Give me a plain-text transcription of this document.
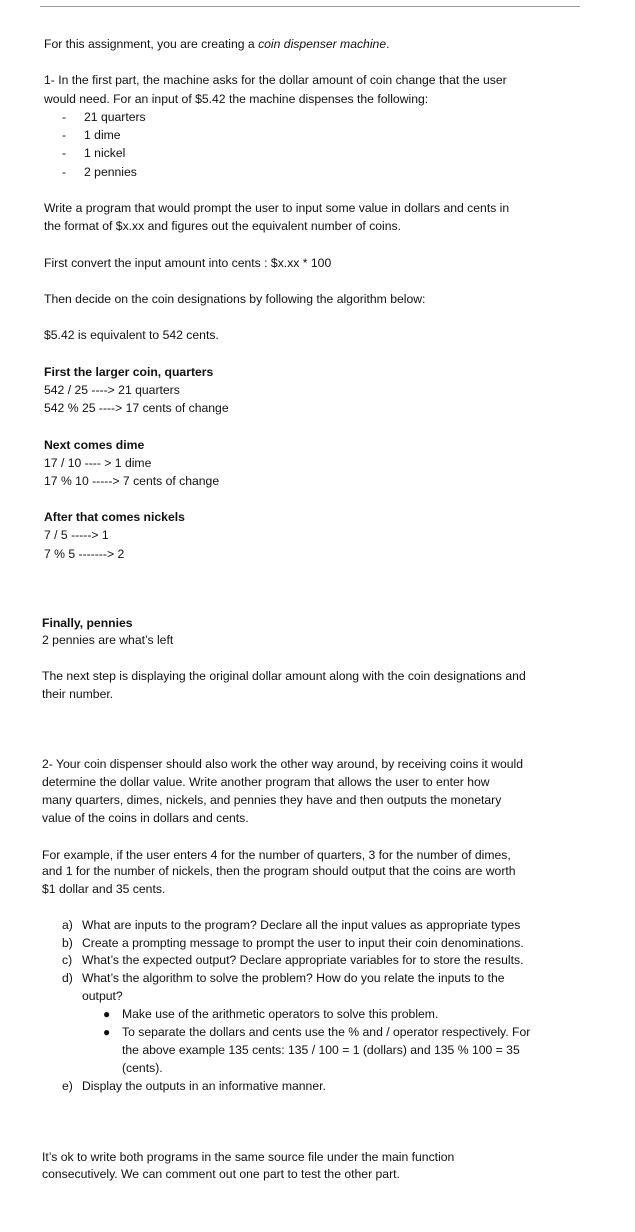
For this assignment, you are creating a coin dispenser machine.
1- In the first part, the machine asks for the dollar amount of coin change that the user
would need. For an input of $5.42 the machine dispenses the following:
- 21 quarters
- 1 dime
- 1 nickel
- 2 pennies
Write a program that would prompt the user to input some value in dollars and cents in
the format of $x.xx and figures out the equivalent number of coins.
First convert the input amount into cents : $x.xx * 100
Then decide on the coin designations by following the algorithm below:
$5.42 is equivalent to 542 cents.
First the larger coin, quarters
542 / 25 ----> 21 quarters
542 % 25 ----> 17 cents of change
Next comes dime
17 / 10 ---- > 1 dime
17 % 10 -----> 7 cents of change
After that comes nickels
7 / 5 -----> 1
7 % 5 -------> 2
Finally, pennies
2 pennies are what’s left
The next step is displaying the original dollar amount along with the coin designations and
their number.
2- Your coin dispenser should also work the other way around, by receiving coins it would
determine the dollar value. Write another program that allows the user to enter how
many quarters, dimes, nickels, and pennies they have and then outputs the monetary
value of the coins in dollars and cents.
For example, if the user enters 4 for the number of quarters, 3 for the number of dimes,
and 1 for the number of nickels, then the program should output that the coins are worth
$1 dollar and 35 cents.
a) What are inputs to the program? Declare all the input values as appropriate types
b) Create a prompting message to prompt the user to input their coin denominations.
c) What’s the expected output? Declare appropriate variables for to store the results.
d) What’s the algorithm to solve the problem? How do you relate the inputs to the
output?
● Make use of the arithmetic operators to solve this problem.
● To separate the dollars and cents use the % and / operator respectively. For
the above example 135 cents: 135 / 100 = 1 (dollars) and 135 % 100 = 35
(cents).
e) Display the outputs in an informative manner.
It’s ok to write both programs in the same source file under the main function
consecutively. We can comment out one part to test the other part.
